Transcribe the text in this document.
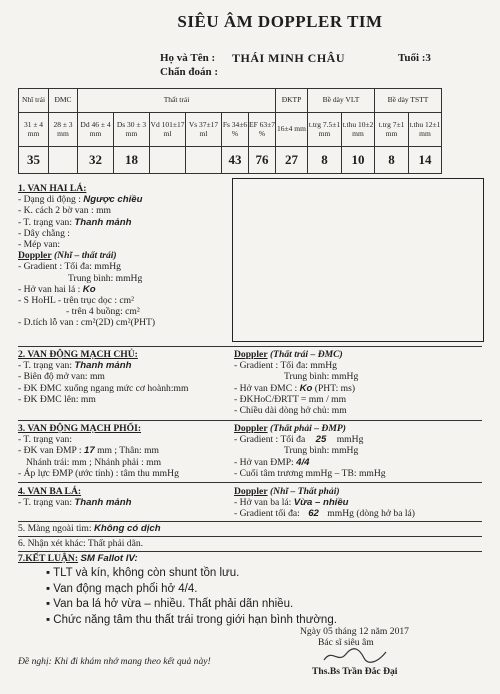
SIÊU ÂM DOPPLER TIM
Họ và Tên : THÁI MINH CHÂU	Tuổi :3
Chẩn đoán :
Nhĩ trái	ĐMC	Thất trái						ĐKTP	Bề dày VLT		Bề dày TSTT	
31 ± 4 mm	28 ± 3 mm	Dd 46 ± 4 mm	Ds 30 ± 3 mm	Vd 101±17 ml	Vs 37±17 ml	Fs 34±6 %	EF 63±7 %	16±4 mm	t.trg 7.5±1 mm	t.thu 10±2 mm	t.trg 7±1 mm	t.thu 12±1 mm
35		32	18			43	76	27	8	10	8	14
1. VAN HAI LÁ:
- Dạng di động : Ngược chiều
- K. cách 2 bờ van : mm
- T. trạng van: Thanh mảnh
- Dây chằng :
- Mép van:
Doppler (Nhĩ – thất trái)
- Gradient : Tối đa: mmHg
Trung bình: mmHg
- Hở van hai lá : Ko
- S HoHL - trên trục dọc : cm²
- trên 4 buồng: cm²
- D.tích lỗ van : cm²(2D) cm²(PHT)
2. VAN ĐỘNG MẠCH CHỦ:
- T. trạng van: Thanh mảnh
- Biên độ mở van: mm
- ĐK ĐMC xuống ngang mức cơ hoành:mm
- ĐK ĐMC lên: mm
Doppler (Thất trái – ĐMC)
- Gradient : Tối đa: mmHg
Trung bình: mmHg
- Hở van ĐMC : Ko (PHT: ms)
- ĐKHoC/ĐRTT = mm / mm
- Chiều dài dòng hở chủ: mm
3. VAN ĐỘNG MẠCH PHỔI:
- T. trạng van:
- ĐK van ĐMP : 17 mm ; Thân: mm
Nhánh trái: mm ; Nhánh phải : mm
- Áp lực ĐMP (ước tính) : tâm thu mmHg
Doppler (Thất phải – ĐMP)
- Gradient : Tối đa 25 mmHg
Trung bình: mmHg
- Hở van ĐMP: 4/4
- Cuối tâm trương mmHg – TB: mmHg
4. VAN BA LÁ:
- T. trạng van: Thanh mảnh
Doppler (Nhĩ – Thất phải)
- Hở van ba lá: Vừa – nhiều
- Gradient tối đa: 62 mmHg (dòng hở ba lá)
5. Màng ngoài tim: Không có dịch
6. Nhận xét khác: Thất phải dãn.
7.KẾT LUẬN: SM Fallot IV:
▪ TLT và kín, không còn shunt tồn lưu.
▪ Van động mạch phổi hở 4/4.
▪ Van ba lá hở vừa – nhiều. Thất phải dãn nhiều.
▪ Chức năng tâm thu thất trái trong giới hạn bình thường.
Ngày 05 tháng 12 năm 2017
Bác sĩ siêu âm
Ths.Bs Trần Đắc Đại
Đề nghị: Khi đi khám nhớ mang theo kết quả này!
